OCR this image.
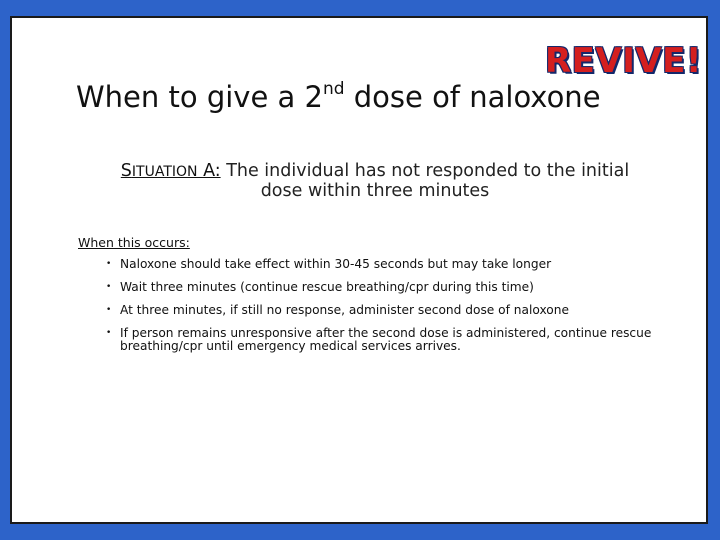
REVIVE!
When to give a 2nd dose of naloxone
SITUATION A: The individual has not responded to the initial dose within three minutes
When this occurs:
• Naloxone should take effect within 30-45 seconds but may take longer
• Wait three minutes (continue rescue breathing/cpr during this time)
• At three minutes, if still no response, administer second dose of naloxone
• If person remains unresponsive after the second dose is administered, continue rescue breathing/cpr until emergency medical services arrives.
